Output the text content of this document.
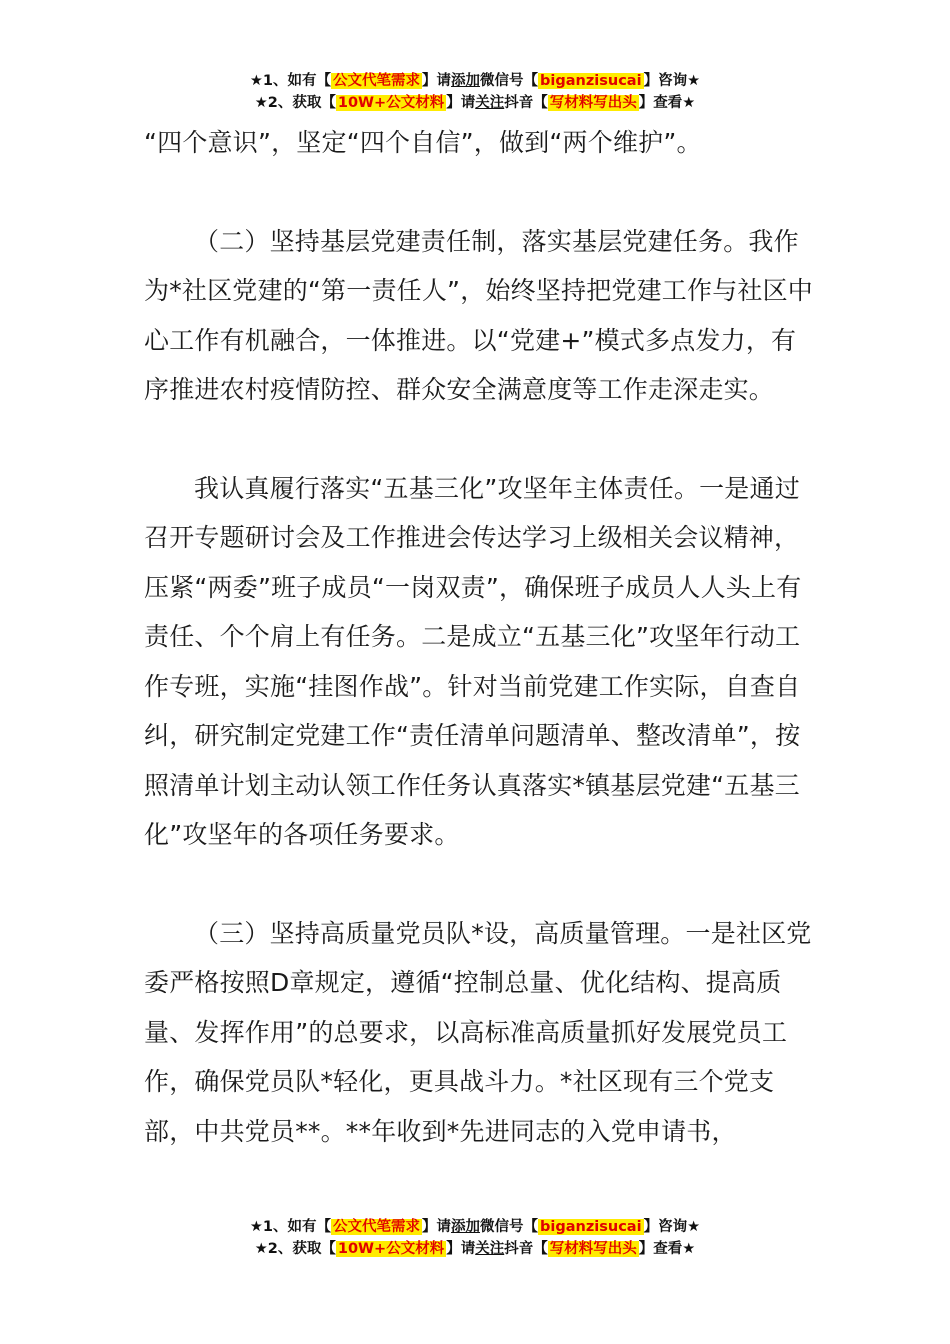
★1、如有【 公文代笔需求 】请添加微信号【 biganzisucai 】咨询★
★2、获取【 10W+公文材料 】请关注抖音【 写材料写出头 】查看★

“四个意识”，坚定“四个自信”，做到“两个维护”。

（二）坚持基层党建责任制，落实基层党建任务。我作为*社区党建的“第一责任人”，始终坚持把党建工作与社区中心工作有机融合，一体推进。以“党建+”模式多点发力，有序推进农村疫情防控、群众安全满意度等工作走深走实。

我认真履行落实“五基三化”攻坚年主体责任。一是通过召开专题研讨会及工作推进会传达学习上级相关会议精神，压紧“两委”班子成员“一岗双责”，确保班子成员人人头上有责任、个个肩上有任务。二是成立“五基三化”攻坚年行动工作专班，实施“挂图作战”。针对当前党建工作实际，自查自纠，研究制定党建工作“责任清单问题清单、整改清单”，按照清单计划主动认领工作任务认真落实*镇基层党建“五基三化”攻坚年的各项任务要求。

（三）坚持高质量党员队*设，高质量管理。一是社区党委严格按照D章规定，遵循“控制总量、优化结构、提高质量、发挥作用”的总要求，以高标准高质量抓好发展党员工作，确保党员队*轻化，更具战斗力。*社区现有三个党支部，中共党员**。**年收到*先进同志的入党申请书，

★1、如有【 公文代笔需求 】请添加微信号【 biganzisucai 】咨询★
★2、获取【 10W+公文材料 】请关注抖音【 写材料写出头 】查看★
